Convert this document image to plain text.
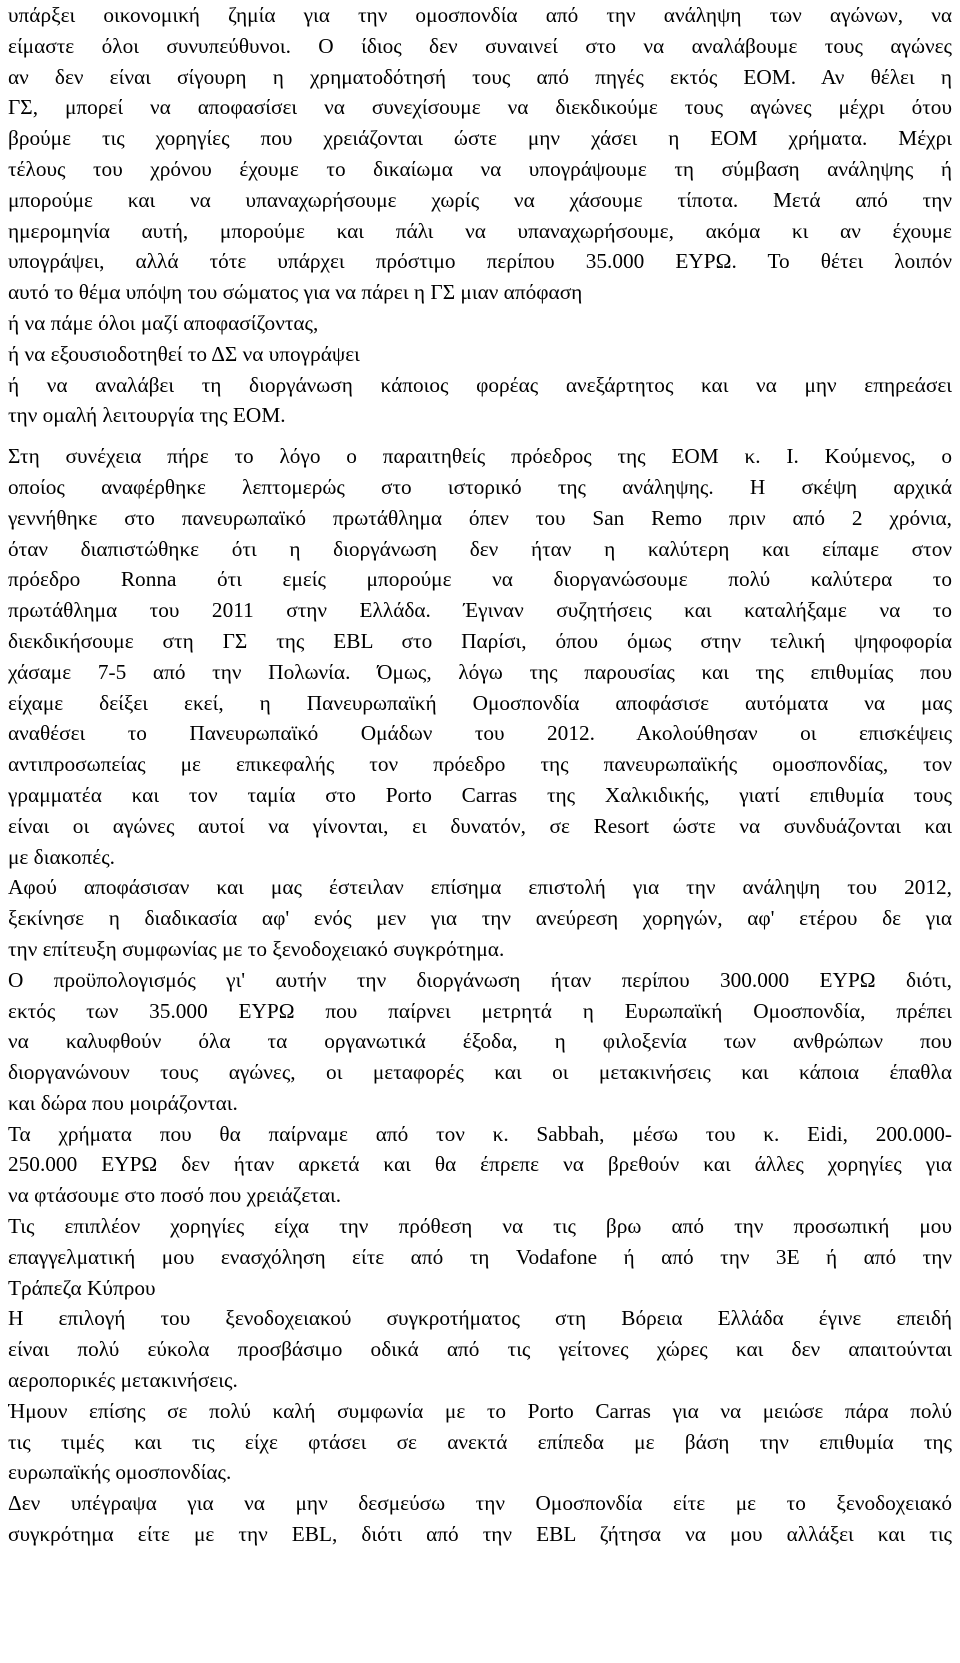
υπάρξει οικονομική ζημία για την ομοσπονδία από την ανάληψη των αγώνων, να
είμαστε όλοι συνυπεύθυνοι. Ο ίδιος δεν συναινεί στο να αναλάβουμε τους αγώνες
αν δεν είναι σίγουρη η χρηματοδότησή τους από πηγές εκτός ΕΟΜ. Αν θέλει η
ΓΣ, μπορεί να αποφασίσει να συνεχίσουμε να διεκδικούμε τους αγώνες μέχρι ότου
βρούμε τις χορηγίες που χρειάζονται ώστε μην χάσει η ΕΟΜ χρήματα. Μέχρι
τέλους του χρόνου έχουμε το δικαίωμα να υπογράψουμε τη σύμβαση ανάληψης ή
μπορούμε και να υπαναχωρήσουμε χωρίς να χάσουμε τίποτα. Μετά από την
ημερομηνία αυτή, μπορούμε και πάλι να υπαναχωρήσουμε, ακόμα κι αν έχουμε
υπογράψει, αλλά τότε υπάρχει πρόστιμο περίπου 35.000 ΕΥΡΩ. Το θέτει λοιπόν
αυτό το θέμα υπόψη του σώματος για να πάρει η ΓΣ μιαν απόφαση
ή να πάμε όλοι μαζί αποφασίζοντας,
ή να εξουσιοδοτηθεί το ΔΣ να υπογράψει
ή να αναλάβει τη διοργάνωση κάποιος φορέας ανεξάρτητος και να μην επηρεάσει
την ομαλή λειτουργία της ΕΟΜ.
Στη συνέχεια πήρε το λόγο ο παραιτηθείς πρόεδρος της ΕΟΜ κ. Ι. Κούμενος, ο
οποίος αναφέρθηκε λεπτομερώς στο ιστορικό της ανάληψης. Η σκέψη αρχικά
γεννήθηκε στο πανευρωπαϊκό πρωτάθλημα όπεν του San Remo πριν από 2 χρόνια,
όταν διαπιστώθηκε ότι η διοργάνωση δεν ήταν η καλύτερη και είπαμε στον
πρόεδρο Ronna ότι εμείς μπορούμε να διοργανώσουμε πολύ καλύτερα το
πρωτάθλημα του 2011 στην Ελλάδα. Έγιναν συζητήσεις και καταλήξαμε να το
διεκδικήσουμε στη ΓΣ της EBL στο Παρίσι, όπου όμως στην τελική ψηφοφορία
χάσαμε 7-5 από την Πολωνία. Όμως, λόγω της παρουσίας και της επιθυμίας που
είχαμε δείξει εκεί, η Πανευρωπαϊκή Ομοσπονδία αποφάσισε αυτόματα να μας
αναθέσει το Πανευρωπαϊκό Ομάδων του 2012. Ακολούθησαν οι επισκέψεις
αντιπροσωπείας με επικεφαλής τον πρόεδρο της πανευρωπαϊκής ομοσπονδίας, τον
γραμματέα και τον ταμία στο Porto Carras της Χαλκιδικής, γιατί επιθυμία τους
είναι οι αγώνες αυτοί να γίνονται, ει δυνατόν, σε Resort ώστε να συνδυάζονται και
με διακοπές.
Αφού αποφάσισαν και μας έστειλαν επίσημα επιστολή για την ανάληψη του 2012,
ξεκίνησε η διαδικασία αφ' ενός μεν για την ανεύρεση χορηγών, αφ' ετέρου δε για
την επίτευξη συμφωνίας με το ξενοδοχειακό συγκρότημα.
Ο προϋπολογισμός γι' αυτήν την διοργάνωση ήταν περίπου 300.000 ΕΥΡΩ διότι,
εκτός των 35.000 ΕΥΡΩ που παίρνει μετρητά η Ευρωπαϊκή Ομοσπονδία, πρέπει
να καλυφθούν όλα τα οργανωτικά έξοδα, η φιλοξενία των ανθρώπων που
διοργανώνουν τους αγώνες, οι μεταφορές και οι μετακινήσεις και κάποια έπαθλα
και δώρα που μοιράζονται.
Τα χρήματα που θα παίρναμε από τον κ. Sabbah, μέσω του κ. Eidi, 200.000-
250.000 ΕΥΡΩ δεν ήταν αρκετά και θα έπρεπε να βρεθούν και άλλες χορηγίες για
να φτάσουμε στο ποσό που χρειάζεται.
Τις επιπλέον χορηγίες είχα την πρόθεση να τις βρω από την προσωπική μου
επαγγελματική μου ενασχόληση είτε από τη Vodafone ή από την 3Ε ή από την
Τράπεζα Κύπρου
Η επιλογή του ξενοδοχειακού συγκροτήματος στη Βόρεια Ελλάδα έγινε επειδή
είναι πολύ εύκολα προσβάσιμο οδικά από τις γείτονες χώρες και δεν απαιτούνται
αεροπορικές μετακινήσεις.
Ήμουν επίσης σε πολύ καλή συμφωνία με το Porto Carras για να μειώσε πάρα πολύ
τις τιμές και τις είχε φτάσει σε ανεκτά επίπεδα με βάση την επιθυμία της
ευρωπαϊκής ομοσπονδίας.
Δεν υπέγραψα για να μην δεσμεύσω την Ομοσπονδία είτε με το ξενοδοχειακό
συγκρότημα είτε με την EBL, διότι από την EBL ζήτησα να μου αλλάξει και τις
